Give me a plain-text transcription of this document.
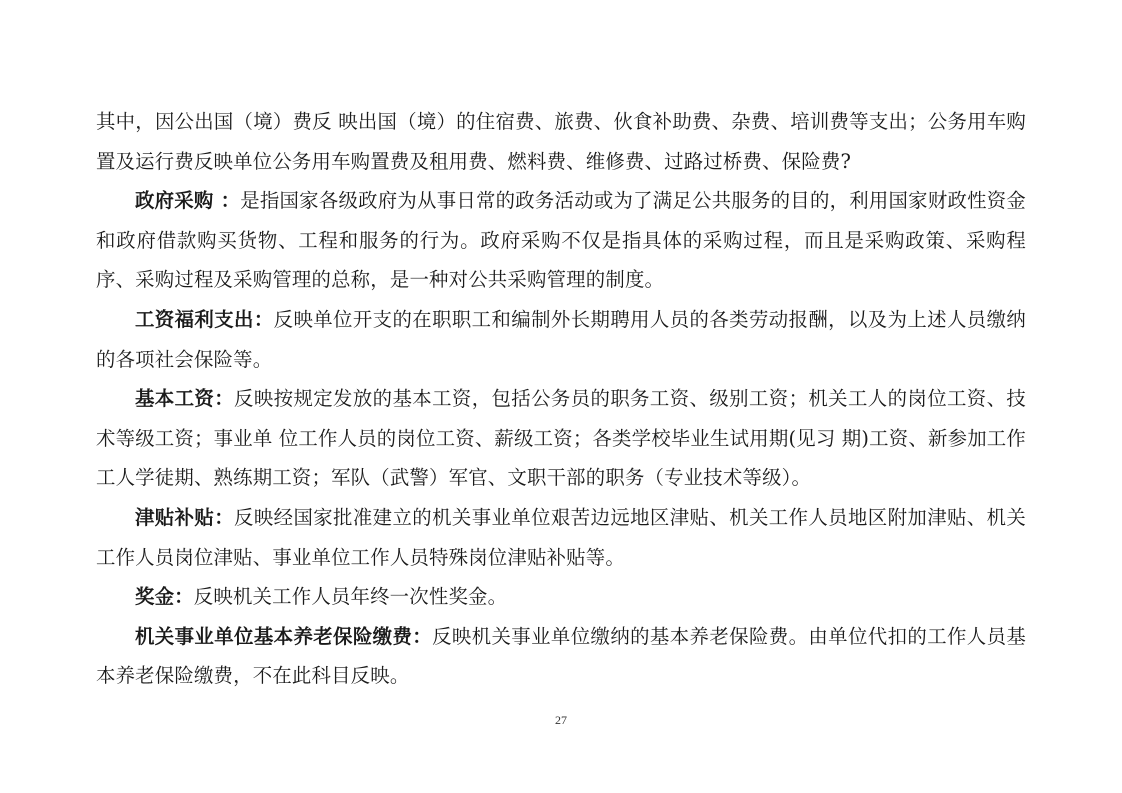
其中，因公出国（境）费反 映出国（境）的住宿费、旅费、伙食补助费、杂费、培训费等支出；公务用车购置及运行费反映单位公务用车购置费及租用费、燃料费、维修费、过路过桥费、保险费?

政府采购 ：是指国家各级政府为从事日常的政务活动或为了满足公共服务的目的，利用国家财政性资金和政府借款购买货物、工程和服务的行为。政府采购不仅是指具体的采购过程，而且是采购政策、采购程序、采购过程及采购管理的总称，是一种对公共采购管理的制度。

工资福利支出：反映单位开支的在职职工和编制外长期聘用人员的各类劳动报酬，以及为上述人员缴纳的各项社会保险等。

基本工资：反映按规定发放的基本工资，包括公务员的职务工资、级别工资；机关工人的岗位工资、技术等级工资；事业单 位工作人员的岗位工资、薪级工资；各类学校毕业生试用期(见习 期)工资、新参加工作工人学徒期、熟练期工资；军队（武警）军官、文职干部的职务（专业技术等级）。

津贴补贴：反映经国家批准建立的机关事业单位艰苦边远地区津贴、机关工作人员地区附加津贴、机关工作人员岗位津贴、事业单位工作人员特殊岗位津贴补贴等。

奖金：反映机关工作人员年终一次性奖金。

机关事业单位基本养老保险缴费：反映机关事业单位缴纳的基本养老保险费。由单位代扣的工作人员基本养老保险缴费，不在此科目反映。

27
